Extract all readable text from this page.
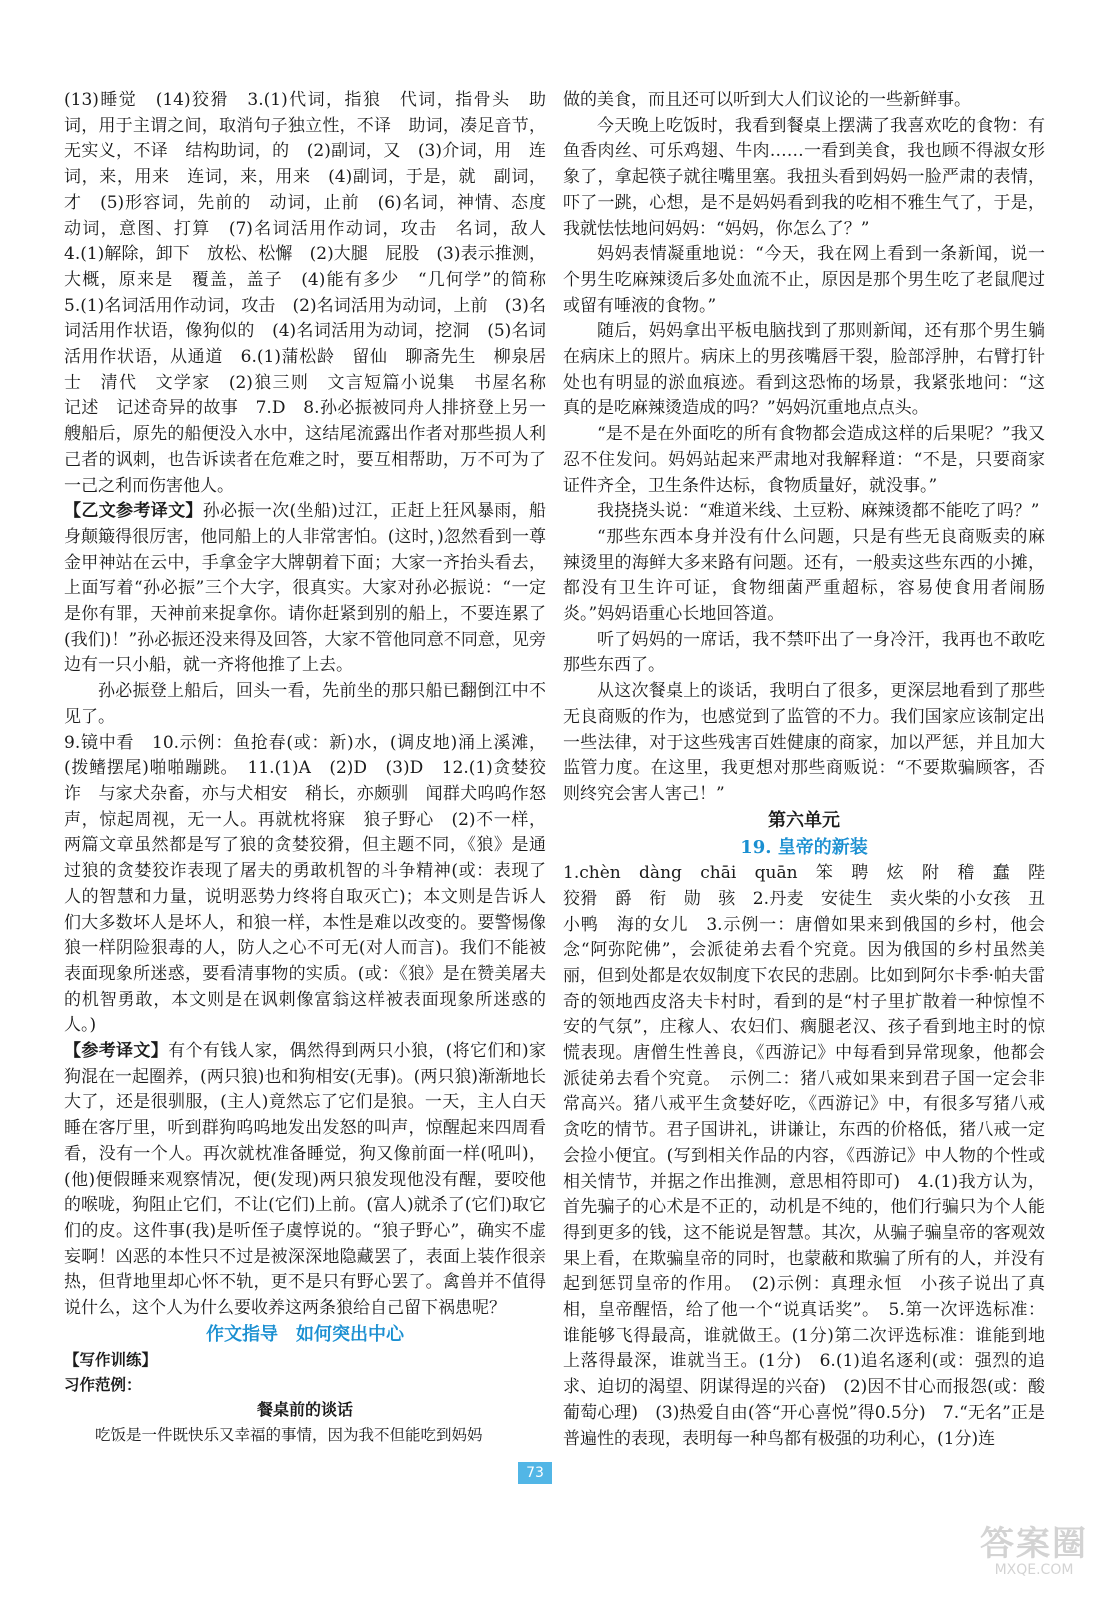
(13)睡觉　(14)狡猾　3.(1)代词，指狼　代词，指骨头　助词，用于主谓之间，取消句子独立性，不译　助词，凑足音节，无实义，不译　结构助词，的　(2)副词，又　(3)介词，用　连词，来，用来　连词，来，用来　(4)副词，于是，就　副词，才　(5)形容词，先前的　动词，止前　(6)名词，神情、态度　动词，意图、打算　(7)名词活用作动词，攻击　名词，敌人　4.(1)解除，卸下　放松、松懈　(2)大腿　屁股　(3)表示推测，大概，原来是　覆盖，盖子　(4)能有多少　“几何学”的简称　5.(1)名词活用作动词，攻击　(2)名词活用为动词，上前　(3)名词活用作状语，像狗似的　(4)名词活用为动词，挖洞　(5)名词活用作状语，从通道　6.(1)蒲松龄　留仙　聊斋先生　柳泉居士　清代　文学家　(2)狼三则　文言短篇小说集　书屋名称　记述　记述奇异的故事　7.D　8.孙必振被同舟人排挤登上另一艘船后，原先的船便没入水中，这结尾流露出作者对那些损人利己者的讽刺，也告诉读者在危难之时，要互相帮助，万不可为了一己之利而伤害他人。

【乙文参考译文】孙必振一次(坐船)过江，正赶上狂风暴雨，船身颠簸得很厉害，他同船上的人非常害怕。(这时，)忽然看到一尊金甲神站在云中，手拿金字大牌朝着下面；大家一齐抬头看去，上面写着“孙必振”三个大字，很真实。大家对孙必振说：“一定是你有罪，天神前来捉拿你。请你赶紧到别的船上，不要连累了(我们)！”孙必振还没来得及回答，大家不管他同意不同意，见旁边有一只小船，就一齐将他推了上去。

孙必振登上船后，回头一看，先前坐的那只船已翻倒江中不见了。

9.镜中看　10.示例：鱼抢春(或：新)水，(调皮地)涌上溪滩，(拨鳍摆尾)啪啪蹦跳。　11.(1)A　(2)D　(3)D　12.(1)贪婪狡诈　与家犬杂畜，亦与犬相安　稍长，亦颇驯　闻群犬呜呜作怒声，惊起周视，无一人。再就枕将寐　狼子野心　(2)不一样，两篇文章虽然都是写了狼的贪婪狡猾，但主题不同，《狼》是通过狼的贪婪狡诈表现了屠夫的勇敢机智的斗争精神(或：表现了人的智慧和力量，说明恶势力终将自取灭亡)；本文则是告诉人们大多数坏人是坏人，和狼一样，本性是难以改变的。要警惕像狼一样阴险狠毒的人，防人之心不可无(对人而言)。我们不能被表面现象所迷惑，要看清事物的实质。(或：《狼》是在赞美屠夫的机智勇敢，本文则是在讽刺像富翁这样被表面现象所迷惑的人。)

【参考译文】有个有钱人家，偶然得到两只小狼，(将它们和)家狗混在一起圈养，(两只狼)也和狗相安(无事)。(两只狼)渐渐地长大了，还是很驯服，(主人)竟然忘了它们是狼。一天，主人白天睡在客厅里，听到群狗呜呜地发出发怒的叫声，惊醒起来四周看看，没有一个人。再次就枕准备睡觉，狗又像前面一样(吼叫)，(他)便假睡来观察情况，便(发现)两只狼发现他没有醒，要咬他的喉咙，狗阻止它们，不让(它们)上前。(富人)就杀了(它们)取它们的皮。这件事(我)是听侄子虞惇说的。“狼子野心”，确实不虚妄啊！凶恶的本性只不过是被深深地隐藏罢了，表面上装作很亲热，但背地里却心怀不轨，更不是只有野心罢了。禽兽并不值得说什么，这个人为什么要收养这两条狼给自己留下祸患呢？

作文指导　如何突出中心

【写作训练】

习作范例：

餐桌前的谈话

吃饭是一件既快乐又幸福的事情，因为我不但能吃到妈妈

做的美食，而且还可以听到大人们议论的一些新鲜事。

今天晚上吃饭时，我看到餐桌上摆满了我喜欢吃的食物：有鱼香肉丝、可乐鸡翅、牛肉……一看到美食，我也顾不得淑女形象了，拿起筷子就往嘴里塞。我扭头看到妈妈一脸严肃的表情，吓了一跳，心想，是不是妈妈看到我的吃相不雅生气了，于是，我就怯怯地问妈妈：“妈妈，你怎么了？”

妈妈表情凝重地说：“今天，我在网上看到一条新闻，说一个男生吃麻辣烫后多处血流不止，原因是那个男生吃了老鼠爬过或留有唾液的食物。”

随后，妈妈拿出平板电脑找到了那则新闻，还有那个男生躺在病床上的照片。病床上的男孩嘴唇干裂，脸部浮肿，右臂打针处也有明显的淤血痕迹。看到这恐怖的场景，我紧张地问：“这真的是吃麻辣烫造成的吗？”妈妈沉重地点点头。

“是不是在外面吃的所有食物都会造成这样的后果呢？”我又忍不住发问。妈妈站起来严肃地对我解释道：“不是，只要商家证件齐全，卫生条件达标，食物质量好，就没事。”

我挠挠头说：“难道米线、土豆粉、麻辣烫都不能吃了吗？”

“那些东西本身并没有什么问题，只是有些无良商贩卖的麻辣烫里的海鲜大多来路有问题。还有，一般卖这些东西的小摊，都没有卫生许可证，食物细菌严重超标，容易使食用者闹肠炎。”妈妈语重心长地回答道。

听了妈妈的一席话，我不禁吓出了一身冷汗，我再也不敢吃那些东西了。

从这次餐桌上的谈话，我明白了很多，更深层地看到了那些无良商贩的作为，也感觉到了监管的不力。我们国家应该制定出一些法律，对于这些残害百姓健康的商家，加以严惩，并且加大监管力度。在这里，我更想对那些商贩说：“不要欺骗顾客，否则终究会害人害己！”

第六单元

19. 皇帝的新装

1.chèn　dàng　chāi　quān　笨　聘　炫　附　稽　蠢　陛　狡猾　爵　衔　勋　骇　2.丹麦　安徒生　卖火柴的小女孩　丑小鸭　海的女儿　3.示例一：唐僧如果来到俄国的乡村，他会念“阿弥陀佛”，会派徒弟去看个究竟。因为俄国的乡村虽然美丽，但到处都是农奴制度下农民的悲剧。比如到阿尔卡季·帕夫雷奇的领地西皮洛夫卡村时，看到的是“村子里扩散着一种惊惶不安的气氛”，庄稼人、农妇们、瘸腿老汉、孩子看到地主时的惊慌表现。唐僧生性善良，《西游记》中每看到异常现象，他都会派徒弟去看个究竟。　示例二：猪八戒如果来到君子国一定会非常高兴。猪八戒平生贪婪好吃，《西游记》中，有很多写猪八戒贪吃的情节。君子国讲礼，讲谦让，东西的价格低，猪八戒一定会捡小便宜。(写到相关作品的内容，《西游记》中人物的个性或相关情节，并据之作出推测，意思相符即可)　4.(1)我方认为，首先骗子的心术是不正的，动机是不纯的，他们行骗只为个人能得到更多的钱，这不能说是智慧。其次，从骗子骗皇帝的客观效果上看，在欺骗皇帝的同时，也蒙蔽和欺骗了所有的人，并没有起到惩罚皇帝的作用。　(2)示例：真理永恒　小孩子说出了真相，皇帝醒悟，给了他一个“说真话奖”。　5.第一次评选标准：谁能够飞得最高，谁就做王。(1分)第二次评选标准：谁能到地上落得最深，谁就当王。(1分)　6.(1)追名逐利(或：强烈的追求、迫切的渴望、阴谋得逞的兴奋)　(2)因不甘心而报怨(或：酸葡萄心理)　(3)热爱自由(答“开心喜悦”得0.5分)　7.“无名”正是普遍性的表现，表明每一种鸟都有极强的功利心，(1分)连

73
答案圈
MXQE.COM
